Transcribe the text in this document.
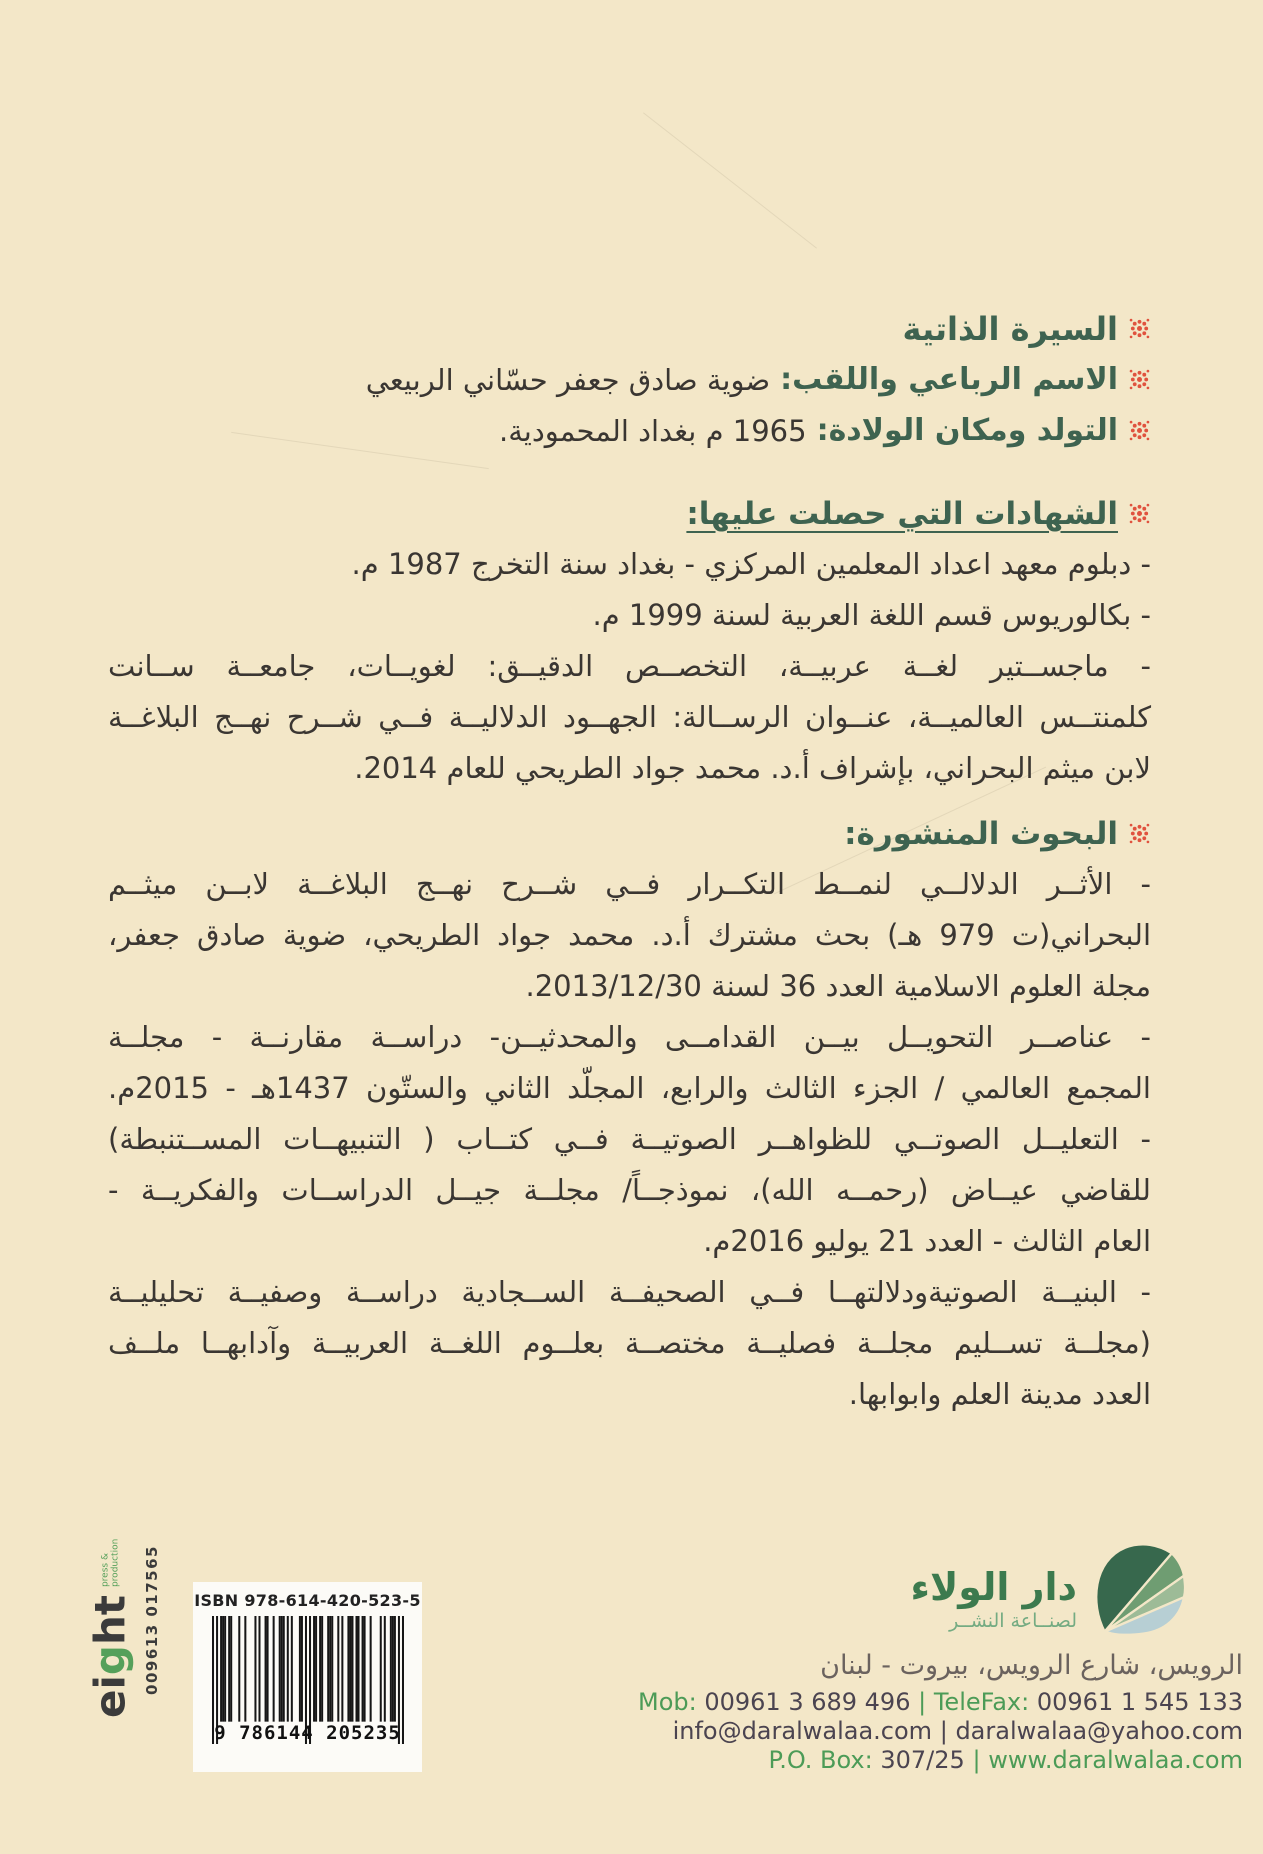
السيرة الذاتية
الاسم الرباعي واللقب:
ضوية صادق جعفر حسّاني الربيعي
التولد ومكان الولادة:
1965 م بغداد المحمودية.
الشهادات التي حصلت عليها:
- دبلوم معهد اعداد المعلمين المركزي - بغداد سنة التخرج 1987 م.
- بكالوريوس قسم اللغة العربية لسنة 1999 م.
- ماجســتير لغــة عربيــة، التخصــص الدقيــق: لغويــات، جامعــة ســانت
كلمنتــس العالميــة، عنــوان الرســالة: الجهــود الدلاليــة فــي شــرح نهــج البلاغــة
لابن ميثم البحراني، بإشراف أ.د. محمد جواد الطريحي للعام 2014.
البحوث المنشورة:
- الأثــر الدلالــي لنمــط التكــرار فــي شــرح نهــج البلاغــة لابــن ميثــم
البحراني(ت 979 هـ) بحث مشترك أ.د. محمد جواد الطريحي، ضوية صادق جعفر،
مجلة العلوم الاسلامية العدد 36 لسنة 2013/12/30.
- عناصــر التحويــل بيــن القدامــى والمحدثيــن- دراســة مقارنــة - مجلــة
المجمع العالمي / الجزء الثالث والرابع، المجلّد الثاني والستّون 1437هـ - 2015م.
- التعليــل الصوتــي للظواهــر الصوتيــة فــي كتــاب ( التنبيهــات المســتنبطة)
للقاضي عيــاض (رحمــه الله)، نموذجــاً/ مجلــة جيــل الدراســات والفكريــة -
العام الثالث - العدد 21 يوليو 2016م.
- البنيــة الصوتيةودلالتهــا فــي الصحيفــة الســجادية دراســة وصفيــة تحليليــة
(مجلــة تســليم مجلــة فصليــة مختصــة بعلــوم اللغــة العربيــة وآدابهــا ملــف
العدد مدينة العلم وابوابها.
ISBN 978-614-420-523-5
9 786144 205235
eight
press & production 009613 017565	دار الولاء
لصنــاعة النشــر
الرويس، شارع الرويس، بيروت - لبنان
Mob: 00961 3 689 496 | TeleFax: 00961 1 545 133
info@daralwalaa.com | daralwalaa@yahoo.com
P.O. Box: 307/25 | www.daralwalaa.com
